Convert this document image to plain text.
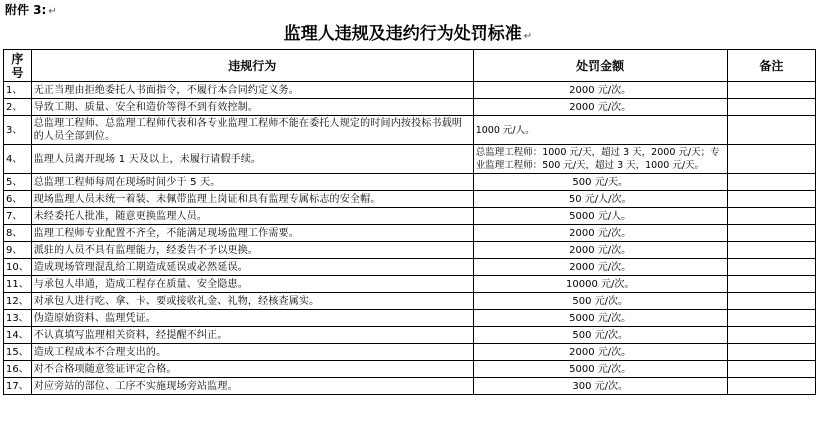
附件 3: ↵
监理人违规及违约行为处罚标准 ↵
序号	违规行为	处罚金额	备注
1、	无正当理由拒绝委托人书面指令，不履行本合同约定义务。	2000 元/次。	
2、	导致工期、质量、安全和造价等得不到有效控制。	2000 元/次。	
3、	总监理工程师、总监理工程师代表和各专业监理工程师不能在委托人规定的时间内按投标书载明的人员全部到位。	1000 元/人。	
4、	监理人员离开现场 1 天及以上，未履行请假手续。	总监理工程师：1000 元/天，超过 3 天，2000 元/天；专业监理工程师：500 元/天，超过 3 天，1000 元/天。	
5、	总监理工程师每周在现场时间少于 5 天。	500 元/天。	
6、	现场监理人员未统一着装、未佩带监理上岗证和具有监理专属标志的安全帽。	50 元/人/次。	
7、	未经委托人批准，随意更换监理人员。	5000 元/人。	
8、	监理工程师专业配置不齐全，不能满足现场监理工作需要。	2000 元/次。	
9、	派驻的人员不具有监理能力，经委告不予以更换。	2000 元/次。	
10、	造成现场管理混乱给工期造成延误或必然延误。	2000 元/次。	
11、	与承包人串通，造成工程存在质量、安全隐患。	10000 元/次。	
12、	对承包人进行吃、拿、卡、要或接收礼金、礼物，经核查属实。	500 元/次。	
13、	伪造原始资料、监理凭证。	5000 元/次。	
14、	不认真填写监理相关资料，经提醒不纠正。	500 元/次。	
15、	造成工程成本不合理支出的。	2000 元/次。	
16、	对不合格项随意签证评定合格。	5000 元/次。	
17、	对应旁站的部位、工序不实施现场旁站监理。	300 元/次。	
